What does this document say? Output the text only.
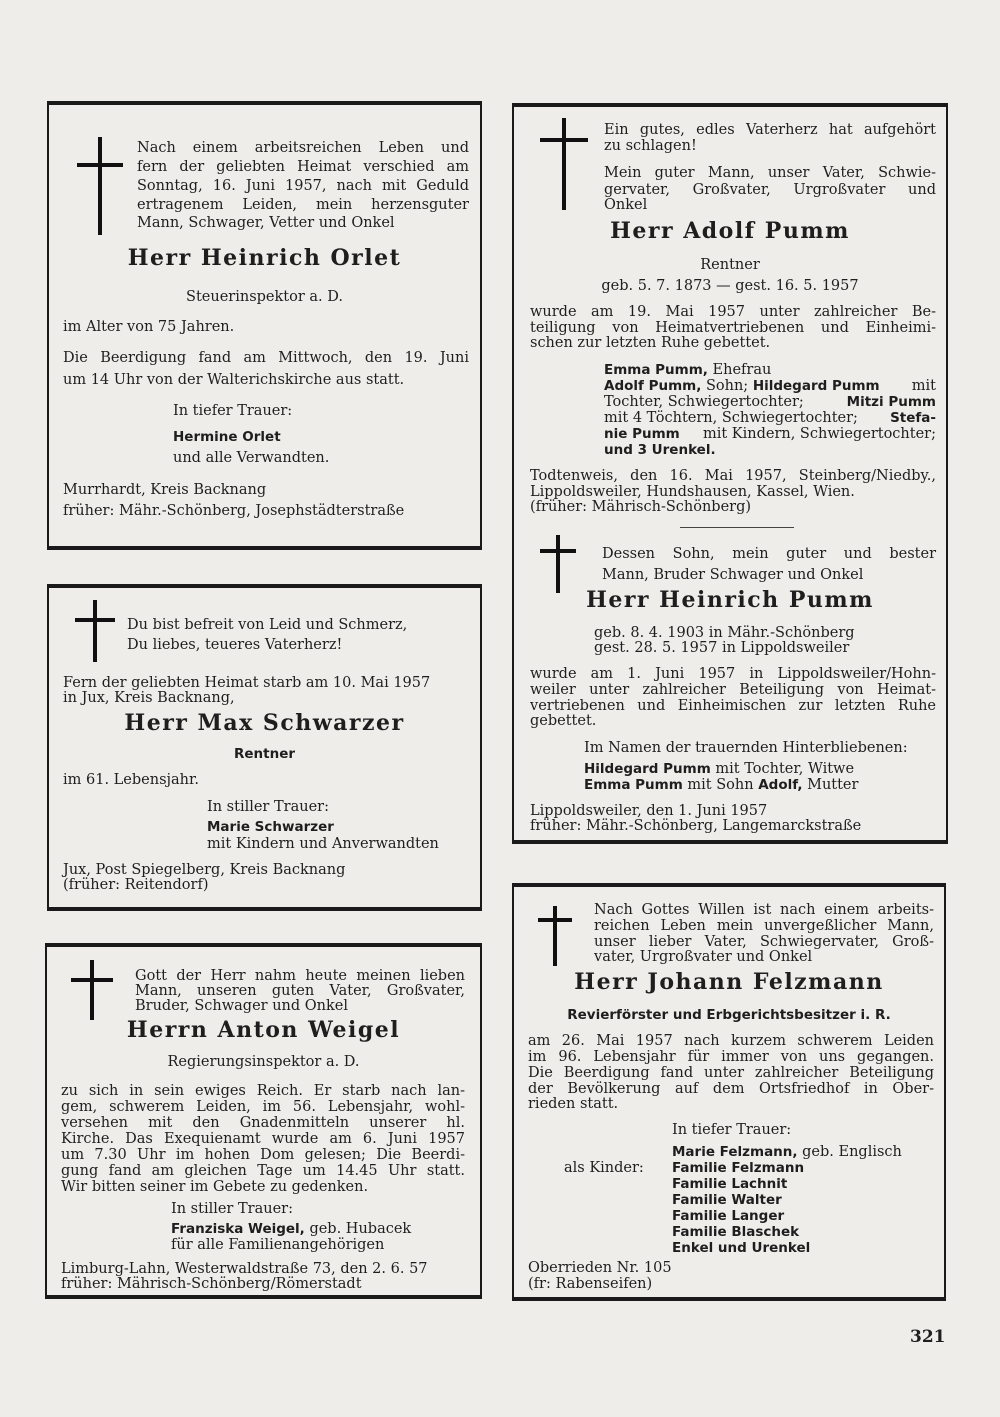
Nach einem arbeitsreichen Leben und
fern der geliebten Heimat verschied am
Sonntag, 16. Juni 1957, nach mit Geduld
ertragenem Leiden, mein herzensguter
Mann, Schwager, Vetter und Onkel
Herr Heinrich Orlet
Steuerinspektor a. D.
im Alter von 75 Jahren.
Die Beerdigung fand am Mittwoch, den 19. Juni
um 14 Uhr von der Walterichskirche aus statt.
In tiefer Trauer:
Hermine Orlet
und alle Verwandten.
Murrhardt, Kreis Backnang
früher: Mähr.-Schönberg, Josephstädterstraße
Du bist befreit von Leid und Schmerz,
Du liebes, teueres Vaterherz!
Fern der geliebten Heimat starb am 10. Mai 1957
in Jux, Kreis Backnang,
Herr Max Schwarzer
Rentner
im 61. Lebensjahr.
In stiller Trauer:
Marie Schwarzer
mit Kindern und Anverwandten
Jux, Post Spiegelberg, Kreis Backnang
(früher: Reitendorf)
Gott der Herr nahm heute meinen lieben
Mann, unseren guten Vater, Großvater,
Bruder, Schwager und Onkel
Herrn Anton Weigel
Regierungsinspektor a. D.
zu sich in sein ewiges Reich. Er starb nach lan-
gem, schwerem Leiden, im 56. Lebensjahr, wohl-
versehen mit den Gnadenmitteln unserer hl.
Kirche. Das Exequienamt wurde am 6. Juni 1957
um 7.30 Uhr im hohen Dom gelesen; Die Beerdi-
gung fand am gleichen Tage um 14.45 Uhr statt.
Wir bitten seiner im Gebete zu gedenken.
In stiller Trauer:
Franziska Weigel, geb. Hubacek
für alle Familienangehörigen
Limburg-Lahn, Westerwaldstraße 73, den 2. 6. 57
früher: Mährisch-Schönberg/Römerstadt
Ein gutes, edles Vaterherz hat aufgehört
zu schlagen!
Mein guter Mann, unser Vater, Schwie-
gervater, Großvater, Urgroßvater und
Onkel
Herr Adolf Pumm
Rentner
geb. 5. 7. 1873 — gest. 16. 5. 1957
wurde am 19. Mai 1957 unter zahlreicher Be-
teiligung von Heimatvertriebenen und Einheimi-
schen zur letzten Ruhe gebettet.
Emma Pumm, Ehefrau
Adolf Pumm, Sohn; Hildegard Pumm mit
Tochter, Schwiegertochter;	Mitzi Pumm
mit 4 Töchtern, Schwiegertochter; Stefa-
nie Pumm mit Kindern, Schwiegertochter;
und 3 Urenkel.
Todtenweis, den 16. Mai 1957, Steinberg/Niedby.,
Lippoldsweiler, Hundshausen, Kassel, Wien.
(früher: Mährisch-Schönberg)
Dessen Sohn, mein guter und bester
Mann, Bruder Schwager und Onkel
Herr Heinrich Pumm
geb. 8. 4. 1903 in Mähr.-Schönberg
gest. 28. 5. 1957 in Lippoldsweiler
wurde am 1. Juni 1957 in Lippoldsweiler/Hohn-
weiler unter zahlreicher Beteiligung von Heimat-
vertriebenen und Einheimischen zur letzten Ruhe
gebettet.
Im Namen der trauernden Hinterbliebenen:
Hildegard Pumm mit Tochter, Witwe
Emma Pumm mit Sohn Adolf, Mutter
Lippoldsweiler, den 1. Juni 1957
früher: Mähr.-Schönberg, Langemarckstraße
Nach Gottes Willen ist nach einem arbeits-
reichen Leben mein unvergeßlicher Mann,
unser lieber Vater, Schwiegervater, Groß-
vater, Urgroßvater und Onkel
Herr Johann Felzmann
Revierförster und Erbgerichtsbesitzer i. R.
am 26. Mai 1957 nach kurzem schwerem Leiden
im 96. Lebensjahr für immer von uns gegangen.
Die Beerdigung fand unter zahlreicher Beteiligung
der Bevölkerung auf dem Ortsfriedhof in Ober-
rieden statt.
In tiefer Trauer:
Marie Felzmann, geb. Englisch
als Kinder: Familie Felzmann
Familie Lachnit
Familie Walter
Familie Langer
Familie Blaschek
Enkel und Urenkel
Oberrieden Nr. 105
(fr: Rabenseifen)
321
